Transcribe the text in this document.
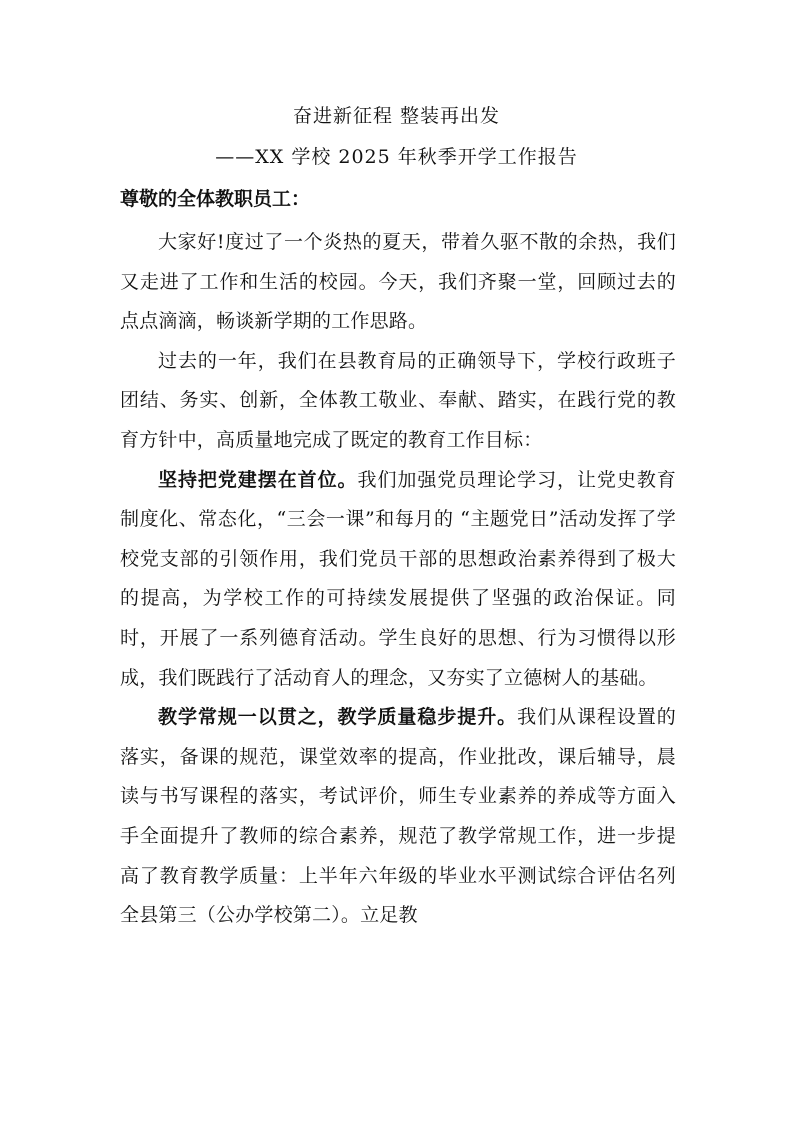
奋进新征程 整装再出发
——XX 学校 2025 年秋季开学工作报告
尊敬的全体教职员工：

大家好!度过了一个炎热的夏天，带着久驱不散的余热，我们又走进了工作和生活的校园。今天，我们齐聚一堂，回顾过去的点点滴滴，畅谈新学期的工作思路。

过去的一年，我们在县教育局的正确领导下，学校行政班子团结、务实、创新，全体教工敬业、奉献、踏实，在践行党的教育方针中，高质量地完成了既定的教育工作目标：

坚持把党建摆在首位。我们加强党员理论学习，让党史教育制度化、常态化，“三会一课”和每月的 “主题党日”活动发挥了学校党支部的引领作用，我们党员干部的思想政治素养得到了极大的提高，为学校工作的可持续发展提供了坚强的政治保证。同时，开展了一系列德育活动。学生良好的思想、行为习惯得以形成，我们既践行了活动育人的理念，又夯实了立德树人的基础。

教学常规一以贯之，教学质量稳步提升。我们从课程设置的落实，备课的规范，课堂效率的提高，作业批改，课后辅导，晨读与书写课程的落实，考试评价，师生专业素养的养成等方面入手全面提升了教师的综合素养，规范了教学常规工作，进一步提高了教育教学质量：上半年六年级的毕业水平测试综合评估名列全县第三（公办学校第二）。立足教
